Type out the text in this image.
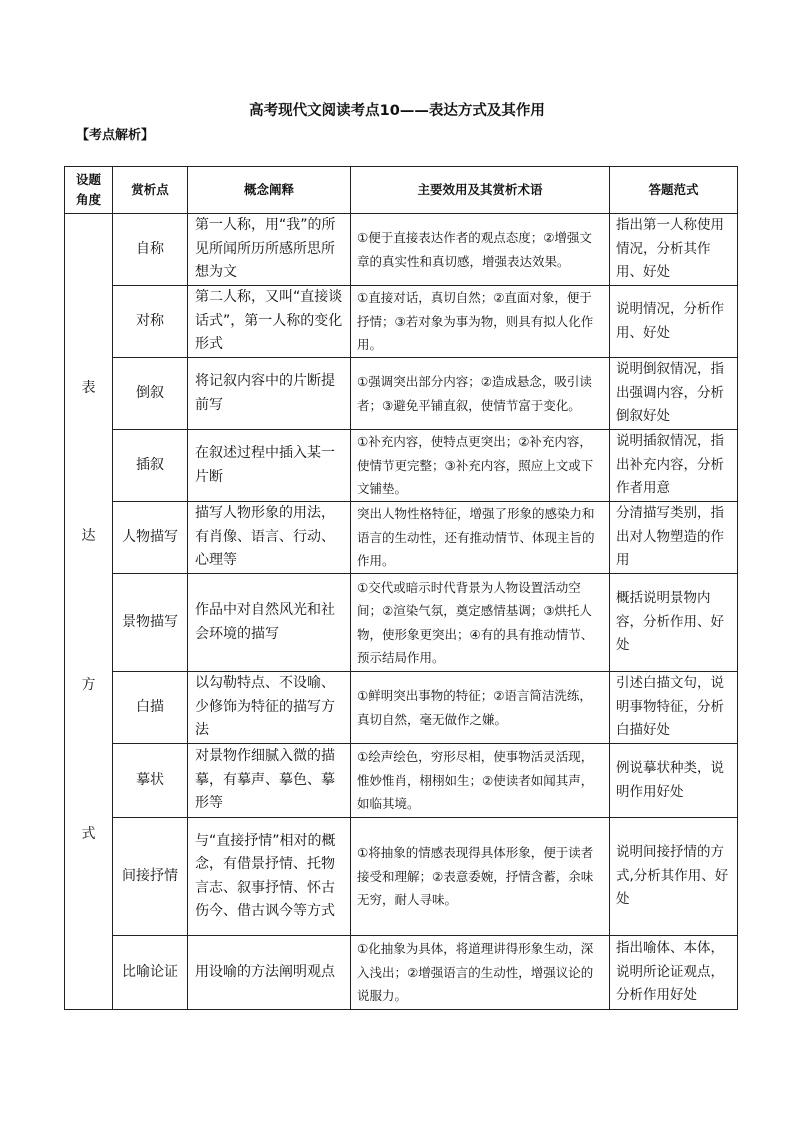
高考现代文阅读考点10——表达方式及其作用
【考点解析】
设题角度	赏析点	概念阐释	主要效用及其赏析术语	答题范式

表
达
方
式	自称	第一人称，用“我”的所见所闻所历所感所思所想为文	①便于直接表达作者的观点态度；②增强文章的真实性和真切感，增强表达效果。	指出第一人称使用情况，分析其作用、好处
	对称	第二人称，又叫“直接谈话式”，第一人称的变化形式	①直接对话，真切自然；②直面对象，便于抒情；③若对象为事为物，则具有拟人化作用。	说明情况，分析作用、好处
	倒叙	将记叙内容中的片断提前写	①强调突出部分内容；②造成悬念，吸引读者；③避免平铺直叙，使情节富于变化。	说明倒叙情况，指出强调内容，分析倒叙好处
	插叙	在叙述过程中插入某一片断	①补充内容，使特点更突出；②补充内容，使情节更完整；③补充内容，照应上文或下文铺垫。	说明插叙情况，指出补充内容，分析作者用意
	人物描写	描写人物形象的用法，有肖像、语言、行动、心理等	突出人物性格特征，增强了形象的感染力和语言的生动性，还有推动情节、体现主旨的作用。	分清描写类别，指出对人物塑造的作用
	景物描写	作品中对自然风光和社会环境的描写	①交代或暗示时代背景为人物设置活动空间；②渲染气氛，奠定感情基调；③烘托人物，使形象更突出；④有的具有推动情节、预示结局作用。	概括说明景物内容，分析作用、好处
	白描	以勾勒特点、不设喻、少修饰为特征的描写方法	①鲜明突出事物的特征；②语言简洁洗练，真切自然，毫无做作之嫌。	引述白描文句，说明事物特征，分析白描好处
	摹状	对景物作细腻入微的描摹，有摹声、摹色、摹形等	①绘声绘色，穷形尽相，使事物活灵活现，惟妙惟肖，栩栩如生；②使读者如闻其声，如临其境。	例说摹状种类，说明作用好处
	间接抒情	与“直接抒情”相对的概念，有借景抒情、托物言志、叙事抒情、怀古伤今、借古讽今等方式	①将抽象的情感表现得具体形象，便于读者接受和理解；②表意委婉，抒情含蓄，余味无穷，耐人寻味。	说明间接抒情的方式,分析其作用、好处
	比喻论证	用设喻的方法阐明观点	①化抽象为具体，将道理讲得形象生动，深入浅出；②增强语言的生动性，增强议论的说服力。	指出喻体、本体，说明所论证观点，分析作用好处
